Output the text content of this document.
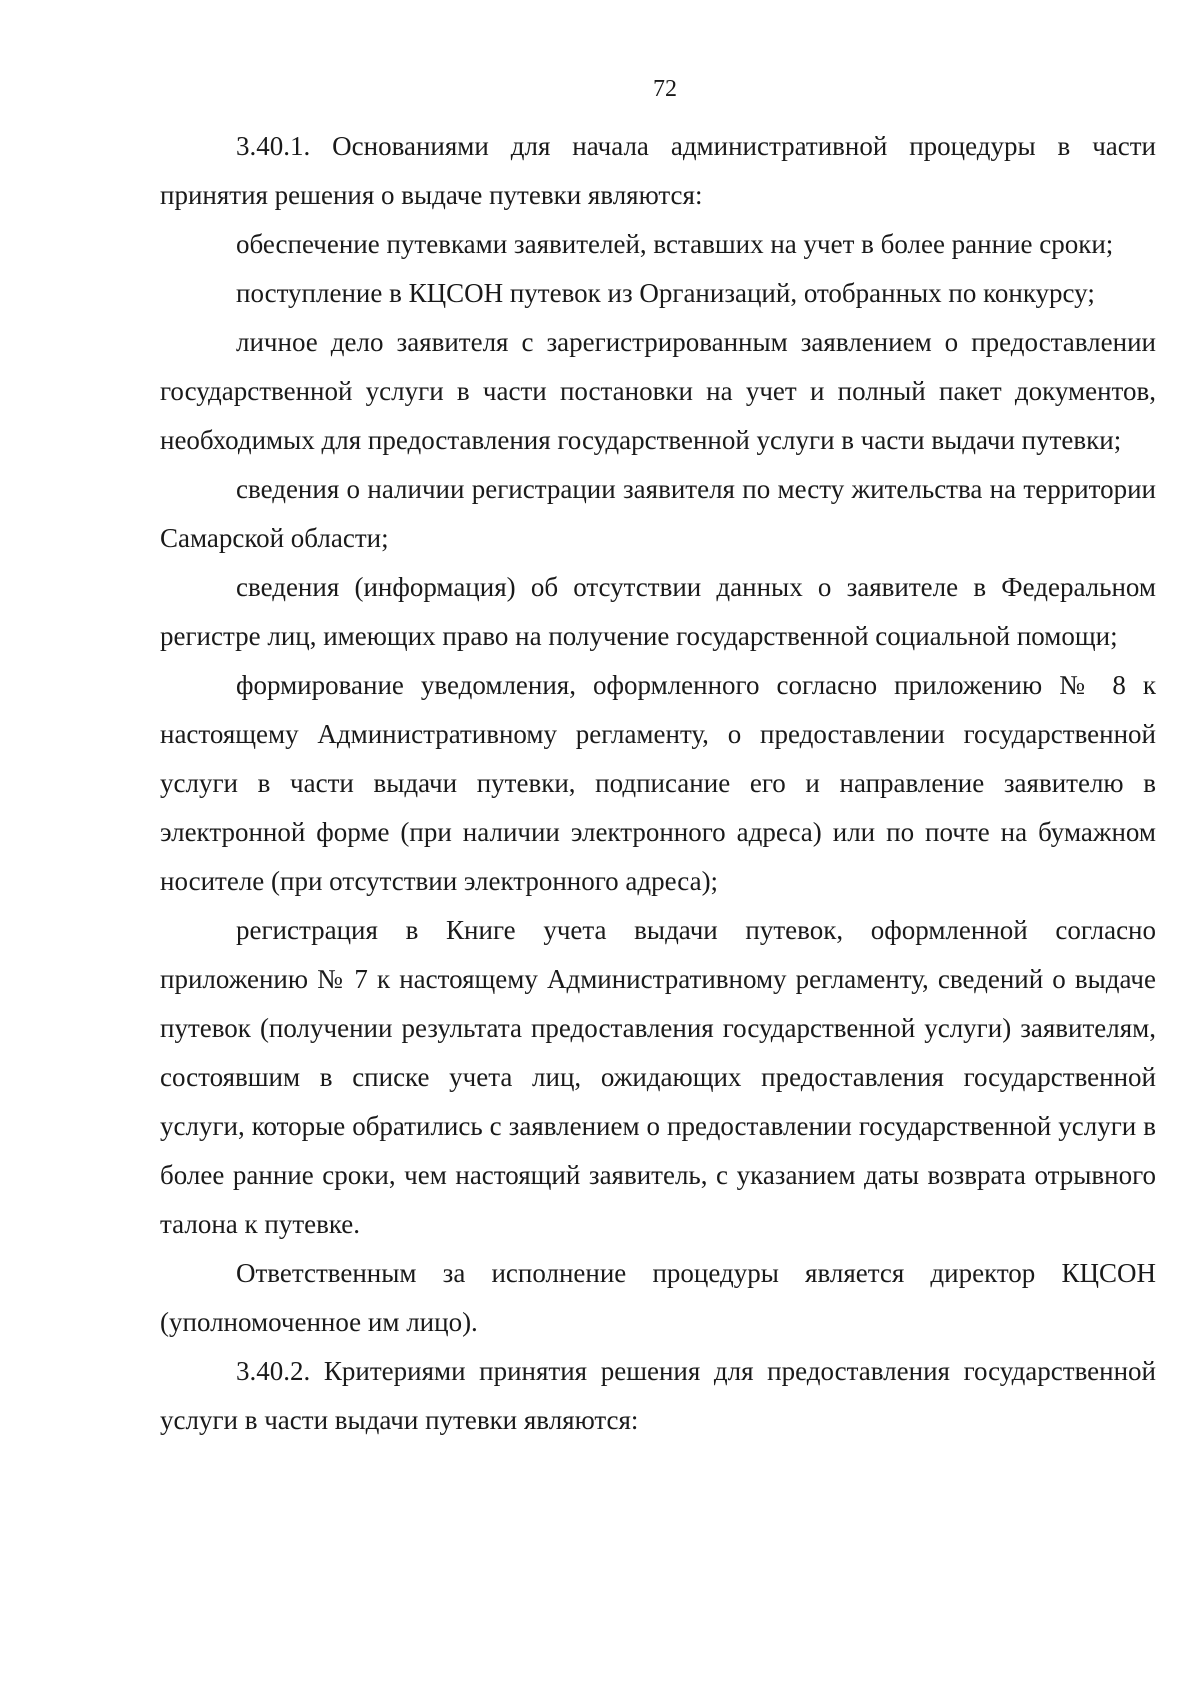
72

3.40.1. Основаниями для начала административной процедуры в части принятия решения о выдаче путевки являются:

обеспечение путевками заявителей, вставших на учет в более ранние сроки;

поступление в КЦСОН путевок из Организаций, отобранных по конкурсу;

личное дело заявителя с зарегистрированным заявлением о предоставлении государственной услуги в части постановки на учет и полный пакет документов, необходимых для предоставления государственной услуги в части выдачи путевки;

сведения о наличии регистрации заявителя по месту жительства на территории Самарской области;

сведения (информация) об отсутствии данных о заявителе в Федеральном регистре лиц, имеющих право на получение государственной социальной помощи;

формирование уведомления, оформленного согласно приложению № 8 к настоящему Административному регламенту, о предоставлении государственной услуги в части выдачи путевки, подписание его и направление заявителю в электронной форме (при наличии электронного адреса) или по почте на бумажном носителе (при отсутствии электронного адреса);

регистрация в Книге учета выдачи путевок, оформленной согласно приложению № 7 к настоящему Административному регламенту, сведений о выдаче путевок (получении результата предоставления государственной услуги) заявителям, состоявшим в списке учета лиц, ожидающих предоставления государственной услуги, которые обратились с заявлением о предоставлении государственной услуги в более ранние сроки, чем настоящий заявитель, с указанием даты возврата отрывного талона к путевке.

Ответственным за исполнение процедуры является директор КЦСОН (уполномоченное им лицо).

3.40.2. Критериями принятия решения для предоставления государственной услуги в части выдачи путевки являются:
